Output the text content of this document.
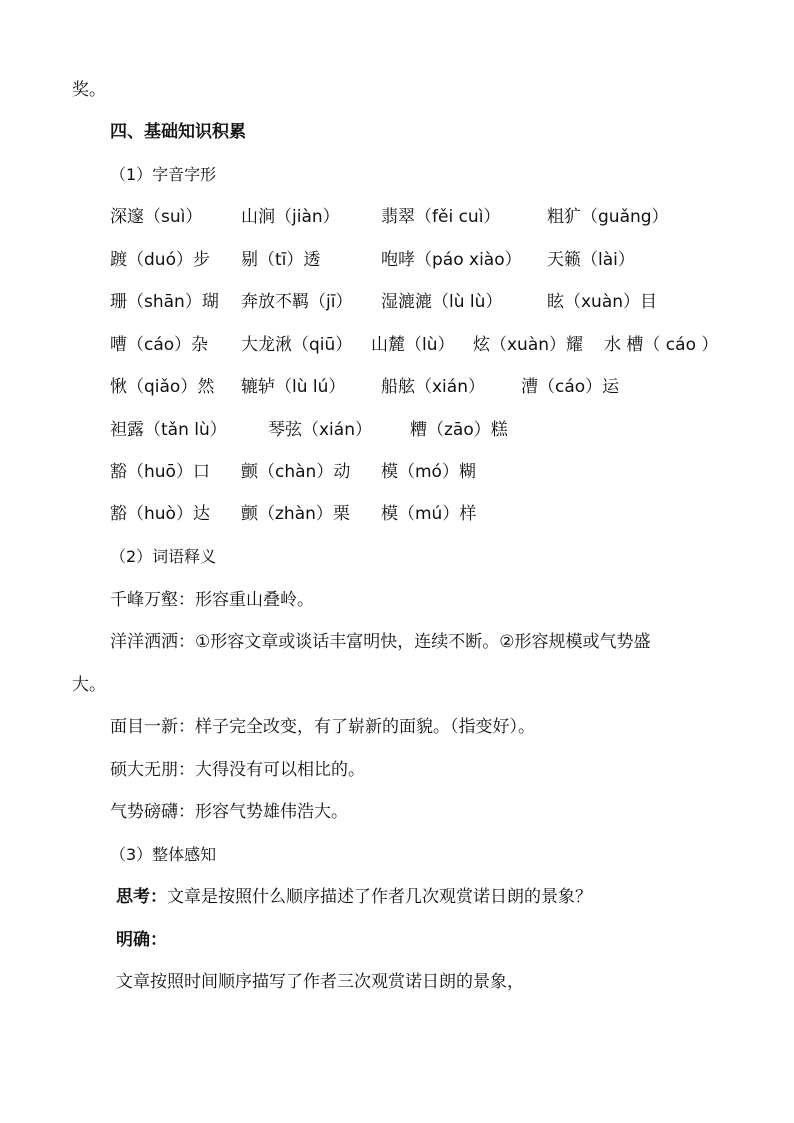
奖。
四、基础知识积累
（1）字音字形
深邃（suì） 山涧（jiàn） 翡翠（fěi cuì）	粗犷（guǎng）
踱（duó）步 剔（tī）透	咆哮（páo xiào） 天籁（lài）
珊（shān）瑚 奔放不羁（jī） 湿漉漉（lù lù）	眩（xuàn）目
嘈（cáo）杂 大龙湫（qiū） 山麓（lù） 炫（xuàn）耀 水 槽（ cáo ）
愀（qiǎo）然 辘轳（lù lú） 船舷（xián） 漕（cáo）运
袒露（tǎn lù） 琴弦（xián） 糟（zāo）糕
豁（huō）口 颤（chàn）动 模（mó）糊
豁（huò）达 颤（zhàn）栗 模（mú）样
（2）词语释义
千峰万壑：形容重山叠岭。
洋洋洒洒：①形容文章或谈话丰富明快，连续不断。②形容规模或气势盛
大。
面目一新：样子完全改变，有了崭新的面貌。（指变好）。
硕大无朋：大得没有可以相比的。
气势磅礴：形容气势雄伟浩大。
（3）整体感知
思考：文章是按照什么顺序描述了作者几次观赏诺日朗的景象？
明确：
文章按照时间顺序描写了作者三次观赏诺日朗的景象，
